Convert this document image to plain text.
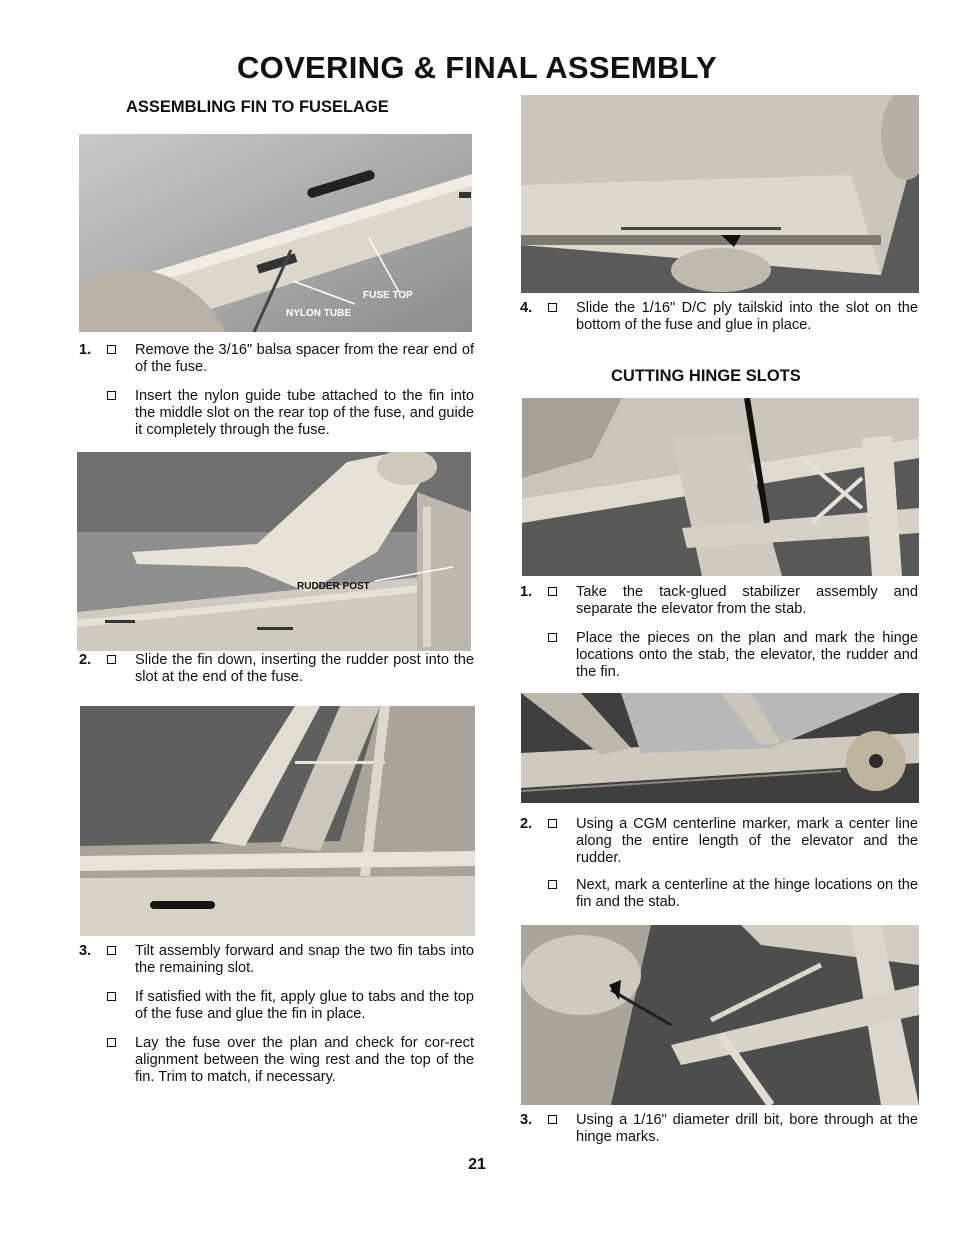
COVERING & FINAL ASSEMBLY
ASSEMBLING FIN TO FUSELAGE
FUSE TOP
NYLON TUBE
1.	Remove the 3/16" balsa spacer from the rear end of of the fuse.
Insert the nylon guide tube attached to the fin into the middle slot on the rear top of the fuse, and guide it completely through the fuse.
RUDDER POST
2.	Slide the fin down, inserting the rudder post into the slot at the end of the fuse.
3.	Tilt assembly forward and snap the two fin tabs into the remaining slot.
If satisfied with the fit, apply glue to tabs and the top of the fuse and glue the fin in place.
Lay the fuse over the plan and check for cor-rect alignment between the wing rest and the top of the fin. Trim to match, if necessary.
4.	Slide the 1/16" D/C ply tailskid into the slot on the bottom of the fuse and glue in place.
CUTTING HINGE SLOTS
1.	Take the tack-glued stabilizer assembly and separate the elevator from the stab.
Place the pieces on the plan and mark the hinge locations onto the stab, the elevator, the rudder and the fin.
2.	Using a CGM centerline marker, mark a center line along the entire length of the elevator and the rudder.
Next, mark a centerline at the hinge locations on the fin and the stab.
3.	Using a 1/16" diameter drill bit, bore through at the hinge marks.
21
